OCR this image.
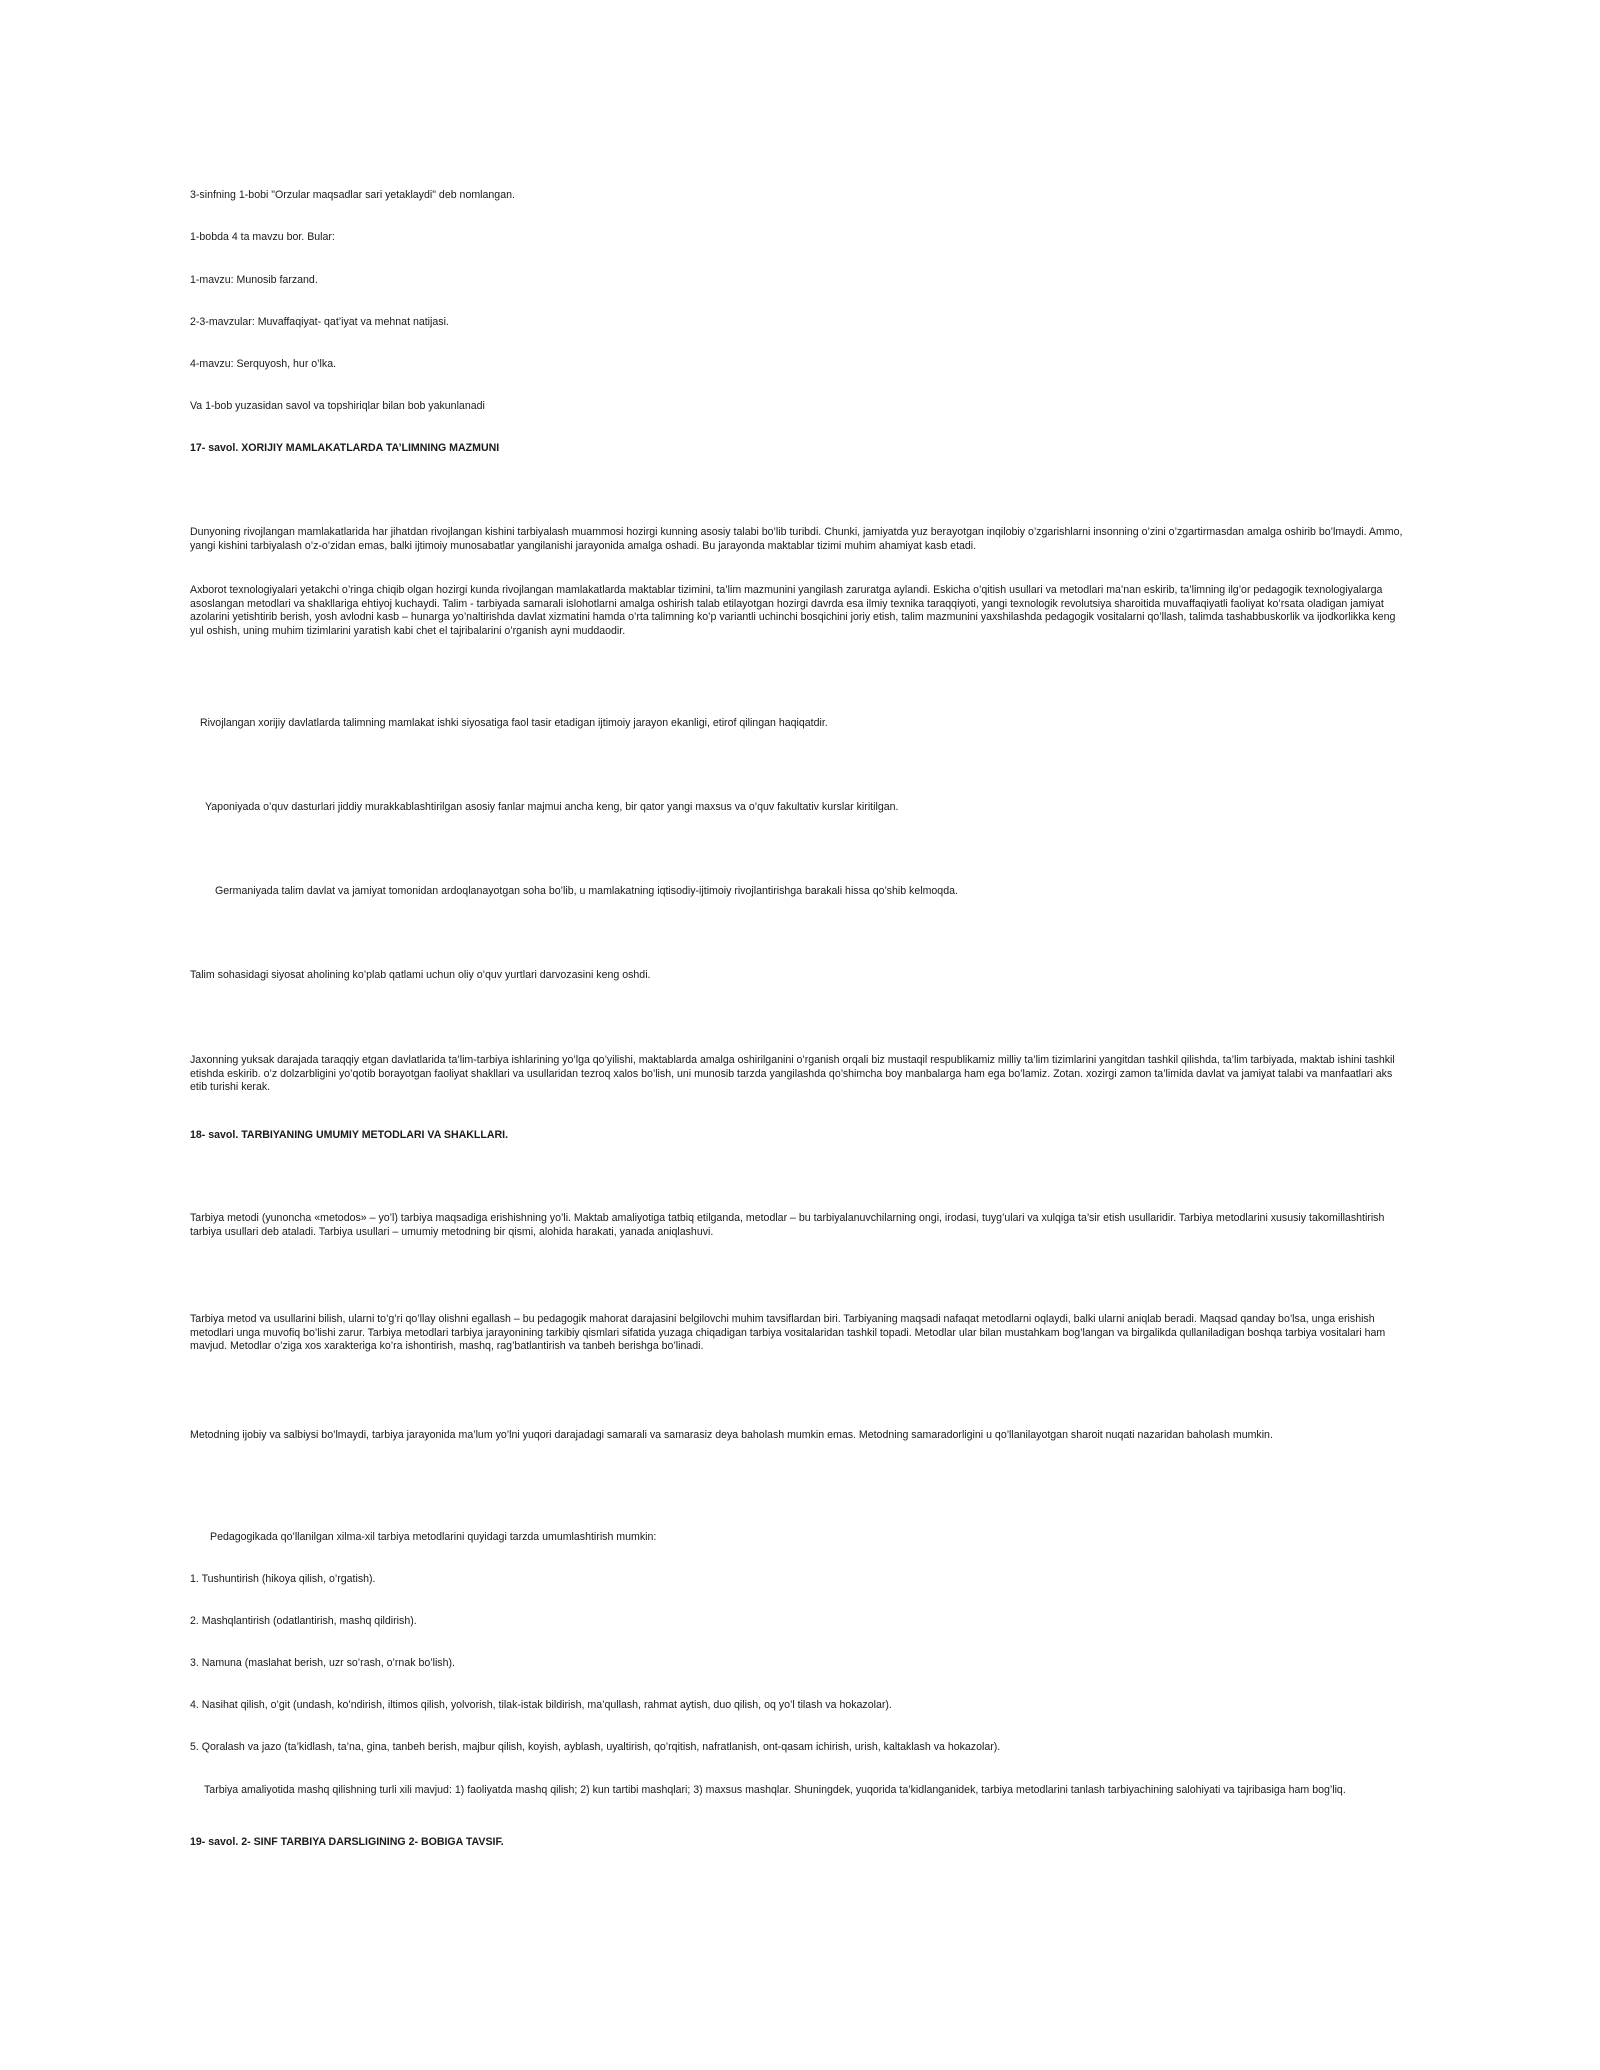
3-sinfning 1-bobi "Orzular maqsadlar sari yetaklaydi" deb nomlangan.

1-bobda 4 ta mavzu bor. Bular:

1-mavzu: Munosib farzand.

2-3-mavzular: Muvaffaqiyat- qat’iyat va mehnat natijasi.

4-mavzu: Serquyosh, hur o’lka.

Va 1-bob yuzasidan savol va topshiriqlar bilan bob yakunlanadi

17- savol. XORIJIY MAMLAKATLARDA TA’LIMNING MAZMUNI

Dunyoning rivojlangan mamlakatlarida har jihatdan rivojlangan kishini tarbiyalash muammosi hozirgi kunning asosiy talabi bo’lib turibdi. Chunki, jamiyatda yuz berayotgan inqilobiy o’zgarishlarni insonning o’zini o’zgartirmasdan amalga oshirib bo’lmaydi. Ammo, yangi kishini tarbiyalash o’z-o’zidan emas, balki ijtimoiy munosabatlar yangilanishi jarayonida amalga oshadi. Bu jarayonda maktablar tizimi muhim ahamiyat kasb etadi.

Axborot texnologiyalari yetakchi o’ringa chiqib olgan hozirgi kunda rivojlangan mamlakatlarda maktablar tizimini, ta’lim mazmunini yangilash zaruratga aylandi. Eskicha o’qitish usullari va metodlari ma’nan eskirib, ta’limning ilg’or pedagogik texnologiyalarga asoslangan metodlari va shakllariga ehtiyoj kuchaydi. Talim - tarbiyada samarali islohotlarni amalga oshirish talab etilayotgan hozirgi davrda esa ilmiy texnika taraqqiyoti, yangi texnologik revolutsiya sharoitida muvaffaqiyatli faoliyat ko’rsata oladigan jamiyat azolarini yetishtirib berish, yosh avlodni kasb – hunarga yo’naltirishda davlat xizmatini hamda o’rta talimning ko’p variantli uchinchi bosqichini joriy etish, talim mazmunini yaxshilashda pedagogik vositalarni qo’llash, talimda tashabbuskorlik va ijodkorlikka keng yul oshish, uning muhim tizimlarini yaratish kabi chet el tajribalarini o’rganish ayni muddaodir.

Rivojlangan xorijiy davlatlarda talimning mamlakat ishki siyosatiga faol tasir etadigan ijtimoiy jarayon ekanligi, etirof qilingan haqiqatdir.

Yaponiyada o’quv dasturlari jiddiy murakkablashtirilgan asosiy fanlar majmui ancha keng, bir qator yangi maxsus va o’quv fakultativ kurslar kiritilgan.

Germaniyada talim davlat va jamiyat tomonidan ardoqlanayotgan soha bo’lib, u mamlakatning iqtisodiy-ijtimoiy rivojlantirishga barakali hissa qo’shib kelmoqda.

Talim sohasidagi siyosat aholining ko’plab qatlami uchun oliy o’quv yurtlari darvozasini keng oshdi.

Jaxonning yuksak darajada taraqqiy etgan davlatlarida ta’lim-tarbiya ishlarining yo’lga qo’yilishi, maktablarda amalga oshirilganini o’rganish orqali biz mustaqil respublikamiz milliy ta’lim tizimlarini yangitdan tashkil qilishda, ta’lim tarbiyada, maktab ishini tashkil etishda eskirib. o’z dolzarbligini yo’qotib borayotgan faoliyat shakllari va usullaridan tezroq xalos bo’lish, uni munosib tarzda yangilashda qo’shimcha boy manbalarga ham ega bo’lamiz. Zotan. xozirgi zamon ta’limida davlat va jamiyat talabi va manfaatlari aks etib turishi kerak.

18- savol. TARBIYANING UMUMIY METODLARI VA SHAKLLARI.

Tarbiya metodi (yunoncha «metodos» – yo’l) tarbiya maqsadiga erishishning yo’li. Maktab amaliyotiga tatbiq etilganda, metodlar – bu tarbiyalanuvchilarning ongi, irodasi, tuyg’ulari va xulqiga ta’sir etish usullaridir. Tarbiya metodlarini xususiy takomillashtirish tarbiya usullari deb ataladi. Tarbiya usullari – umumiy metodning bir qismi, alohida harakati, yanada aniqlashuvi.

Tarbiya metod va usullarini bilish, ularni to’g’ri qo’llay olishni egallash – bu pedagogik mahorat darajasini belgilovchi muhim tavsiflardan biri. Tarbiyaning maqsadi nafaqat metodlarni oqlaydi, balki ularni aniqlab beradi. Maqsad qanday bo’lsa, unga erishish metodlari unga muvofiq bo’lishi zarur. Tarbiya metodlari tarbiya jarayonining tarkibiy qismlari sifatida yuzaga chiqadigan tarbiya vositalaridan tashkil topadi. Metodlar ular bilan mustahkam bog’langan va birgalikda qullaniladigan boshqa tarbiya vositalari ham mavjud. Metodlar o’ziga xos xarakteriga ko’ra ishontirish, mashq, rag’batlantirish va tanbeh berishga bo’linadi.

Metodning ijobiy va salbiysi bo’lmaydi, tarbiya jarayonida ma’lum yo’lni yuqori darajadagi samarali va samarasiz deya baholash mumkin emas. Metodning samaradorligini u qo’llanilayotgan sharoit nuqati nazaridan baholash mumkin.

Pedagogikada qo’llanilgan xilma-xil tarbiya metodlarini quyidagi tarzda umumlashtirish mumkin:

1. Tushuntirish (hikoya qilish, o’rgatish).

2. Mashqlantirish (odatlantirish, mashq qildirish).

3. Namuna (maslahat berish, uzr so’rash, o’rnak bo’lish).

4. Nasihat qilish, o’git (undash, ko’ndirish, iltimos qilish, yolvorish, tilak-istak bildirish, ma’qullash, rahmat aytish, duo qilish, oq yo’l tilash va hokazolar).

5. Qoralash va jazo (ta’kidlash, ta’na, gina, tanbeh berish, majbur qilish, koyish, ayblash, uyaltirish, qo’rqitish, nafratlanish, ont-qasam ichirish, urish, kaltaklash va hokazolar).

Tarbiya amaliyotida mashq qilishning turli xili mavjud: 1) faoliyatda mashq qilish; 2) kun tartibi mashqlari; 3) maxsus mashqlar. Shuningdek, yuqorida ta’kidlanganidek, tarbiya metodlarini tanlash tarbiyachining salohiyati va tajribasiga ham bog’liq.

19- savol. 2- SINF TARBIYA DARSLIGINING 2- BOBIGA TAVSIF.
